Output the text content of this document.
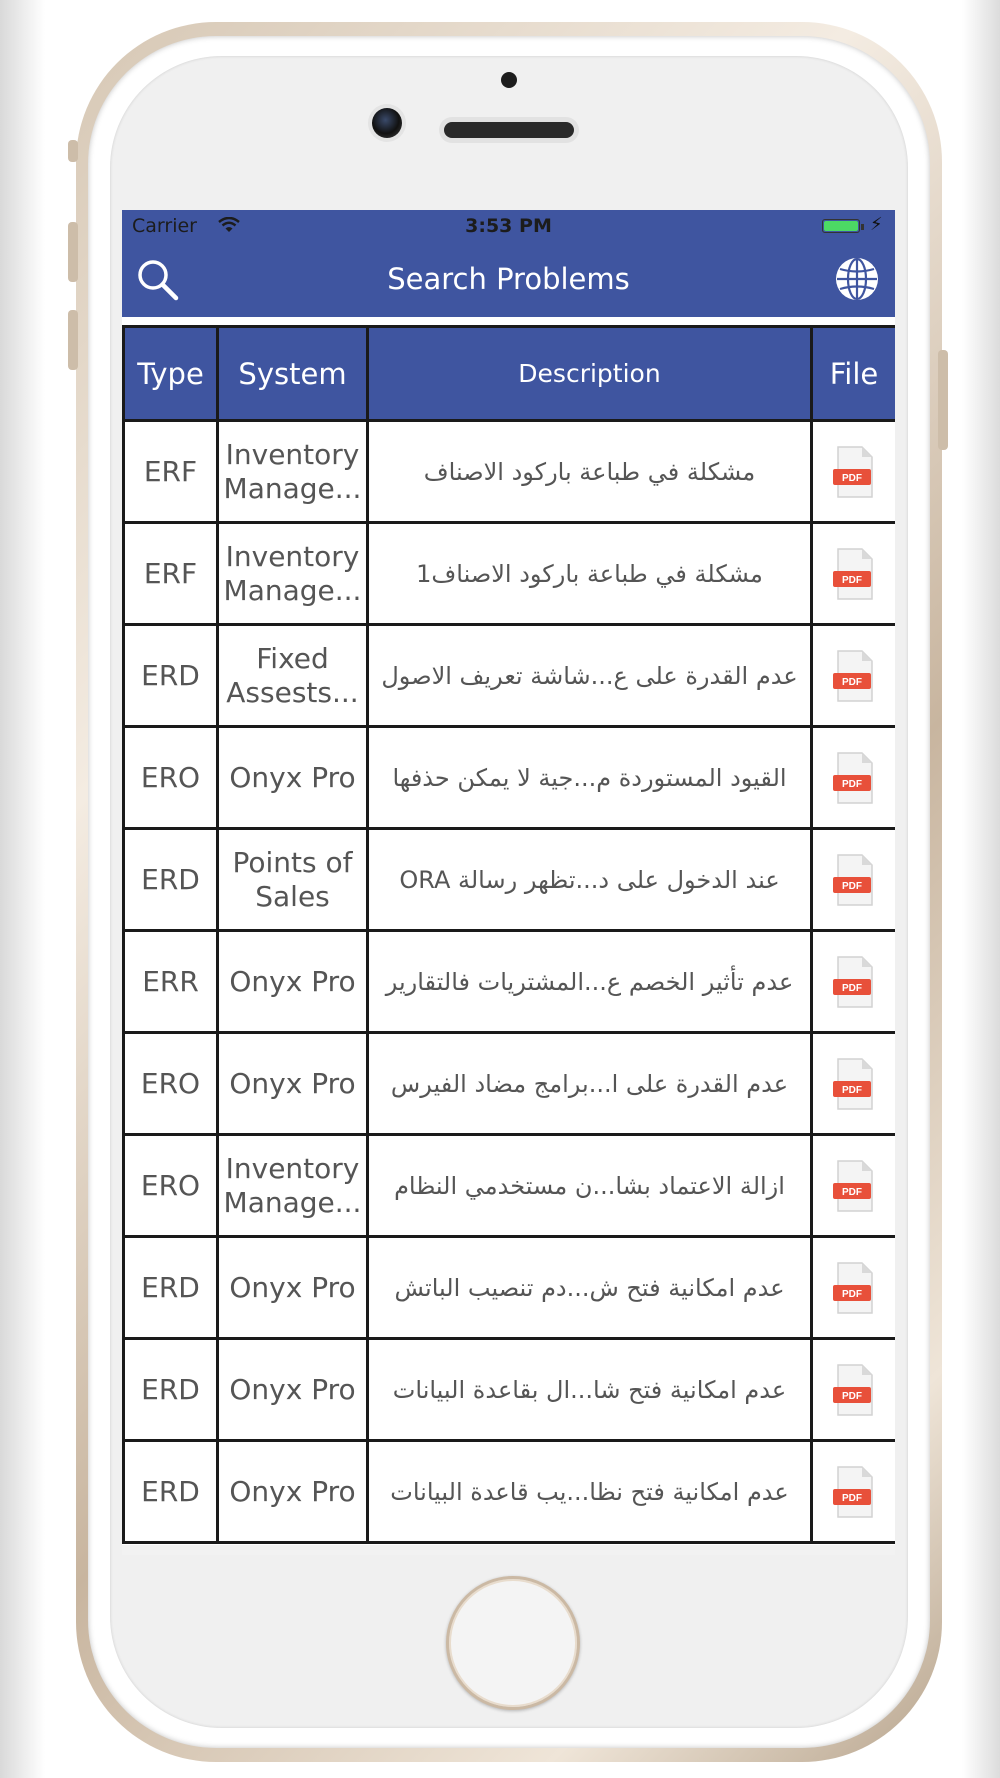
Carrier	3:53 PM	⚡
Search Problems
Type	System	Description	File
ERF	Inventory Manage...	مشكلة في طباعة باركود الاصناف	PDF

ERF	Inventory Manage...	مشكلة في طباعة باركود الاصناف1	PDF

ERD	Fixed Assests...	عدم القدرة على ع...شاشة تعريف الاصول	PDF

ERO	Onyx Pro	القيود المستوردة م...جية لا يمكن حذفها	PDF

ERD	Points of Sales	عند الدخول على د...تظهر رسالة ORA	PDF

ERR	Onyx Pro	عدم تأثير الخصم ع...المشتريات فالتقارير	PDF

ERO	Onyx Pro	عدم القدرة على ا...برامج مضاد الفيرس	PDF

ERO	Inventory Manage...	ازالة الاعتماد بشا...ن مستخدمي النظام	PDF

ERD	Onyx Pro	عدم امكانية فتح ش...دم تنصيب الباتش	PDF

ERD	Onyx Pro	عدم امكانية فتح شا...ال بقاعدة البيانات	PDF

ERD	Onyx Pro	عدم امكانية فتح نظا...يب قاعدة البيانات	PDF
